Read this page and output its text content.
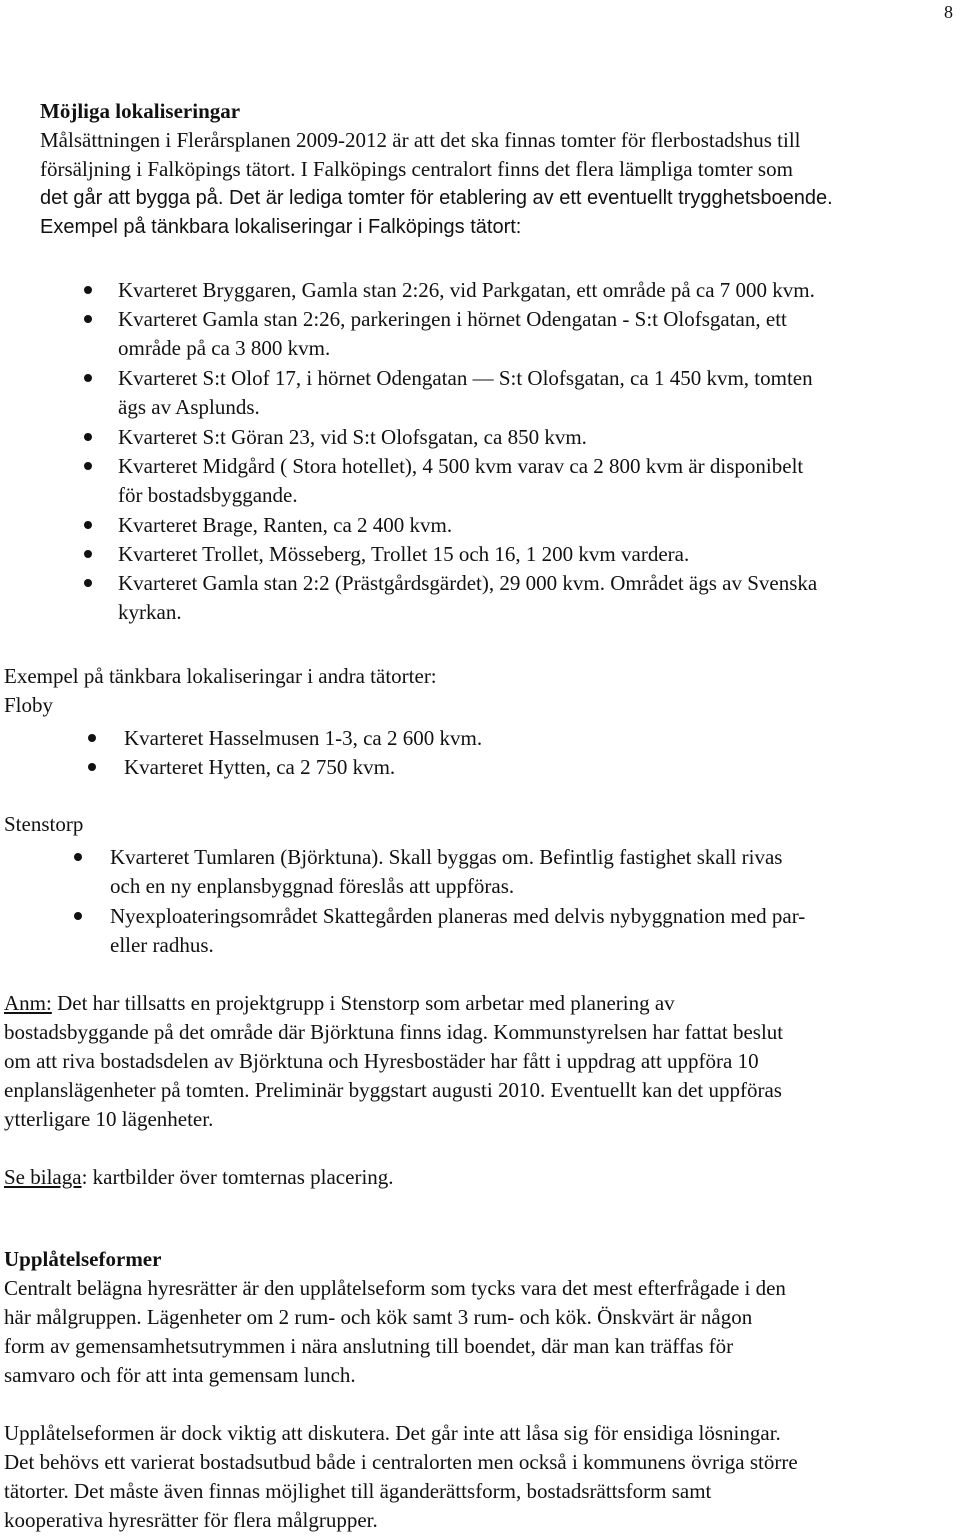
8
Möjliga lokaliseringar
Målsättningen i Flerårsplanen 2009-2012 är att det ska finnas tomter för flerbostadshus till
försäljning i Falköpings tätort. I Falköpings centralort finns det flera lämpliga tomter som
det går att bygga på. Det är lediga tomter för etablering av ett eventuellt trygghetsboende.
Exempel på tänkbara lokaliseringar i Falköpings tätort:
Kvarteret Bryggaren, Gamla stan 2:26, vid Parkgatan, ett område på ca 7 000 kvm.
Kvarteret Gamla stan 2:26, parkeringen i hörnet Odengatan - S:t Olofsgatan, ett
område på ca 3 800 kvm.
Kvarteret S:t Olof 17, i hörnet Odengatan — S:t Olofsgatan, ca 1 450 kvm, tomten
ägs av Asplunds.
Kvarteret S:t Göran 23, vid S:t Olofsgatan, ca 850 kvm.
Kvarteret Midgård ( Stora hotellet), 4 500 kvm varav ca 2 800 kvm är disponibelt
för bostadsbyggande.
Kvarteret Brage, Ranten, ca 2 400 kvm.
Kvarteret Trollet, Mösseberg, Trollet 15 och 16, 1 200 kvm vardera.
Kvarteret Gamla stan 2:2 (Prästgårdsgärdet), 29 000 kvm. Området ägs av Svenska
kyrkan.
Exempel på tänkbara lokaliseringar i andra tätorter:
Floby
Kvarteret Hasselmusen 1-3, ca 2 600 kvm.
Kvarteret Hytten, ca 2 750 kvm.
Stenstorp
Kvarteret Tumlaren (Björktuna). Skall byggas om. Befintlig fastighet skall rivas
och en ny enplansbyggnad föreslås att uppföras.
Nyexploateringsområdet Skattegården planeras med delvis nybyggnation med par-
eller radhus.
Anm: Det har tillsatts en projektgrupp i Stenstorp som arbetar med planering av
bostadsbyggande på det område där Björktuna finns idag. Kommunstyrelsen har fattat beslut
om att riva bostadsdelen av Björktuna och Hyresbostäder har fått i uppdrag att uppföra 10
enplanslägenheter på tomten. Preliminär byggstart augusti 2010. Eventuellt kan det uppföras
ytterligare 10 lägenheter.
Se bilaga: kartbilder över tomternas placering.
Upplåtelseformer
Centralt belägna hyresrätter är den upplåtelseform som tycks vara det mest efterfrågade i den
här målgruppen. Lägenheter om 2 rum- och kök samt 3 rum- och kök. Önskvärt är någon
form av gemensamhetsutrymmen i nära anslutning till boendet, där man kan träffas för
samvaro och för att inta gemensam lunch.
Upplåtelseformen är dock viktig att diskutera. Det går inte att låsa sig för ensidiga lösningar.
Det behövs ett varierat bostadsutbud både i centralorten men också i kommunens övriga större
tätorter. Det måste även finnas möjlighet till äganderättsform, bostadsrättsform samt
kooperativa hyresrätter för flera målgrupper.
